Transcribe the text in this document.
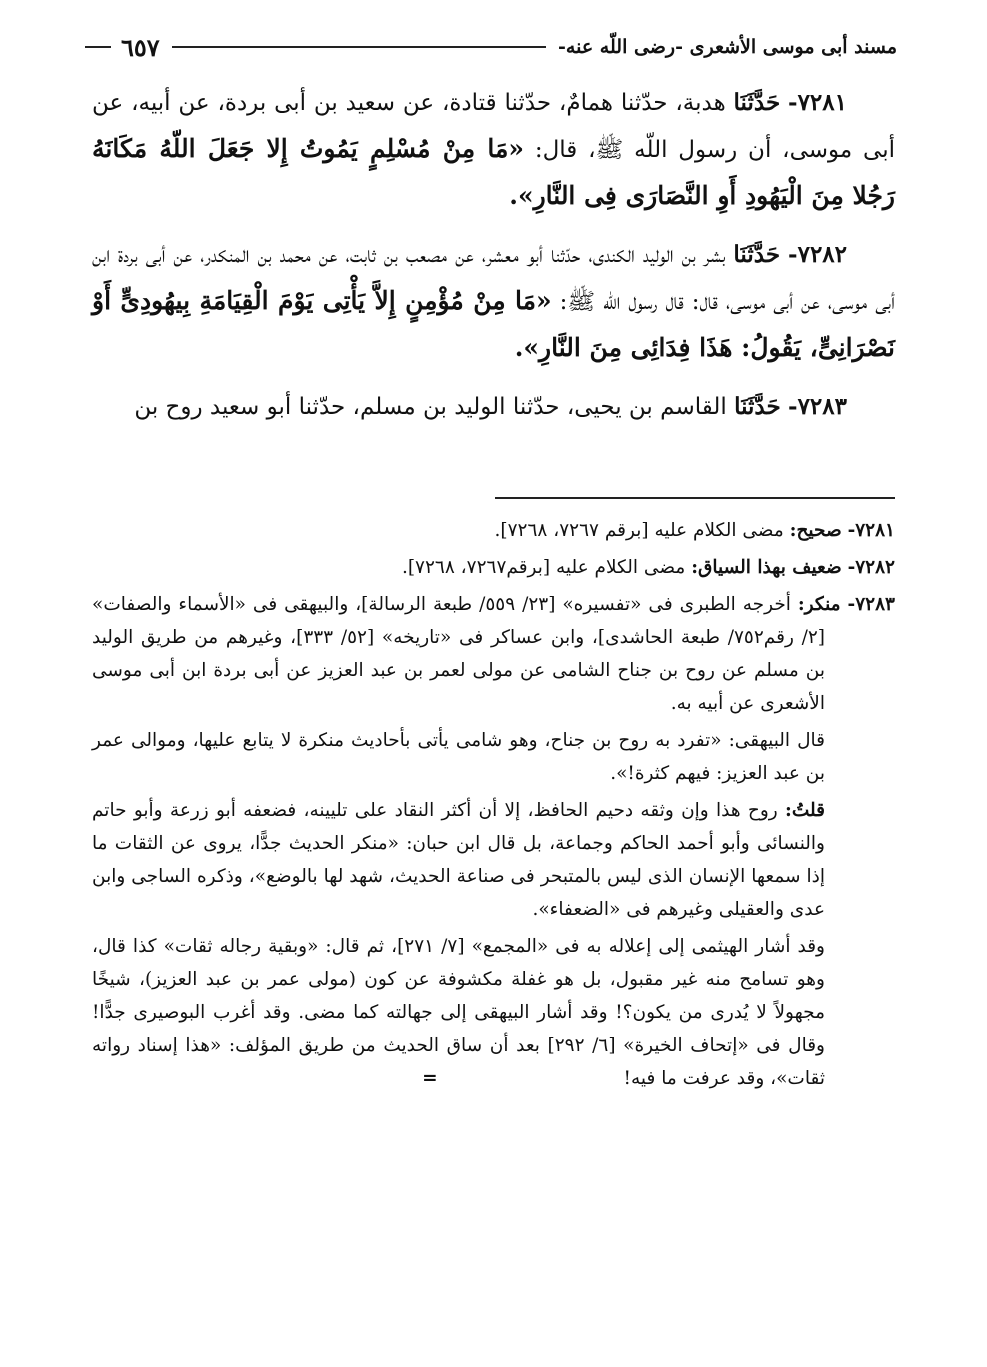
مسند أبى موسى الأشعرى -رضى اللّه عنه-
٦٥٧

٧٢٨١- حَدَّثَنَا هدبة، حدّثنا همامٌ، حدّثنا قتادة، عن سعيد بن أبى بردة، عن أبيه، عن أبى موسى، أن رسول اللّه ﷺ، قال: «مَا مِنْ مُسْلِمٍ يَمُوتُ إِلا جَعَلَ اللّهُ مَكَانَهُ رَجُلا مِنَ الْيَهُودِ أَوِ النَّصَارَى فِى النَّارِ».

٧٢٨٢- حَدَّثَنَا بشر بن الوليد الكندى، حدّثنا أبو معشر، عن مصعب بن ثابت، عن محمد بن المنكدر، عن أبى بردة ابن أبى موسى، عن أبى موسى، قال: قال رسول اللّه ﷺ: «مَا مِنْ مُؤْمِنٍ إِلاَّ يَأْتِى يَوْمَ الْقِيَامَةِ بِيهُودِىٍّ أَوْ نَصْرَانِىٍّ، يَقُولُ: هَذَا فِدَائِى مِنَ النَّارِ».

٧٢٨٣- حَدَّثَنَا القاسم بن يحيى، حدّثنا الوليد بن مسلم، حدّثنا أبو سعيد روح بن

٧٢٨١- صحيح: مضى الكلام عليه [برقم ٧٢٦٧، ٧٢٦٨].

٧٢٨٢- ضعيف بهذا السياق: مضى الكلام عليه [برقم٧٢٦٧، ٧٢٦٨].

٧٢٨٣- منكر: أخرجه الطبرى فى «تفسيره» [٢٣/ ٥٥٩/ طبعة الرسالة]، والبيهقى فى «الأسماء والصفات» [٢/ رقم٧٥٢/ طبعة الحاشدى]، وابن عساكر فى «تاريخه» [٥٢/ ٣٣٣]، وغيرهم من طريق الوليد بن مسلم عن روح بن جناح الشامى عن مولى لعمر بن عبد العزيز عن أبى بردة ابن أبى موسى الأشعرى عن أبيه به.

قال البيهقى: «تفرد به روح بن جناح، وهو شامى يأتى بأحاديث منكرة لا يتابع عليها، وموالى عمر بن عبد العزيز: فيهم كثرة!».

قلتُ: روح هذا وإن وثقه دحيم الحافظ، إلا أن أكثر النقاد على تليينه، فضعفه أبو زرعة وأبو حاتم والنسائى وأبو أحمد الحاكم وجماعة، بل قال ابن حبان: «منكر الحديث جدًّا، يروى عن الثقات ما إذا سمعها الإنسان الذى ليس بالمتبحر فى صناعة الحديث، شهد لها بالوضع»، وذكره الساجى وابن عدى والعقيلى وغيرهم فى «الضعفاء».

وقد أشار الهيثمى إلى إعلاله به فى «المجمع» [٧/ ٢٧١]، ثم قال: «وبقية رجاله ثقات» كذا قال، وهو تسامح منه غير مقبول، بل هو غفلة مكشوفة عن كون (مولى عمر بن عبد العزيز)، شيخًا مجهولاً لا يُدرى من يكون؟! وقد أشار البيهقى إلى جهالته كما مضى. وقد أغرب البوصيرى جدًّا! وقال فى «إتحاف الخيرة» [٦/ ٢٩٢] بعد أن ساق الحديث من طريق المؤلف: «هذا إسناد رواته ثقات»، وقد عرفت ما فيه! =
